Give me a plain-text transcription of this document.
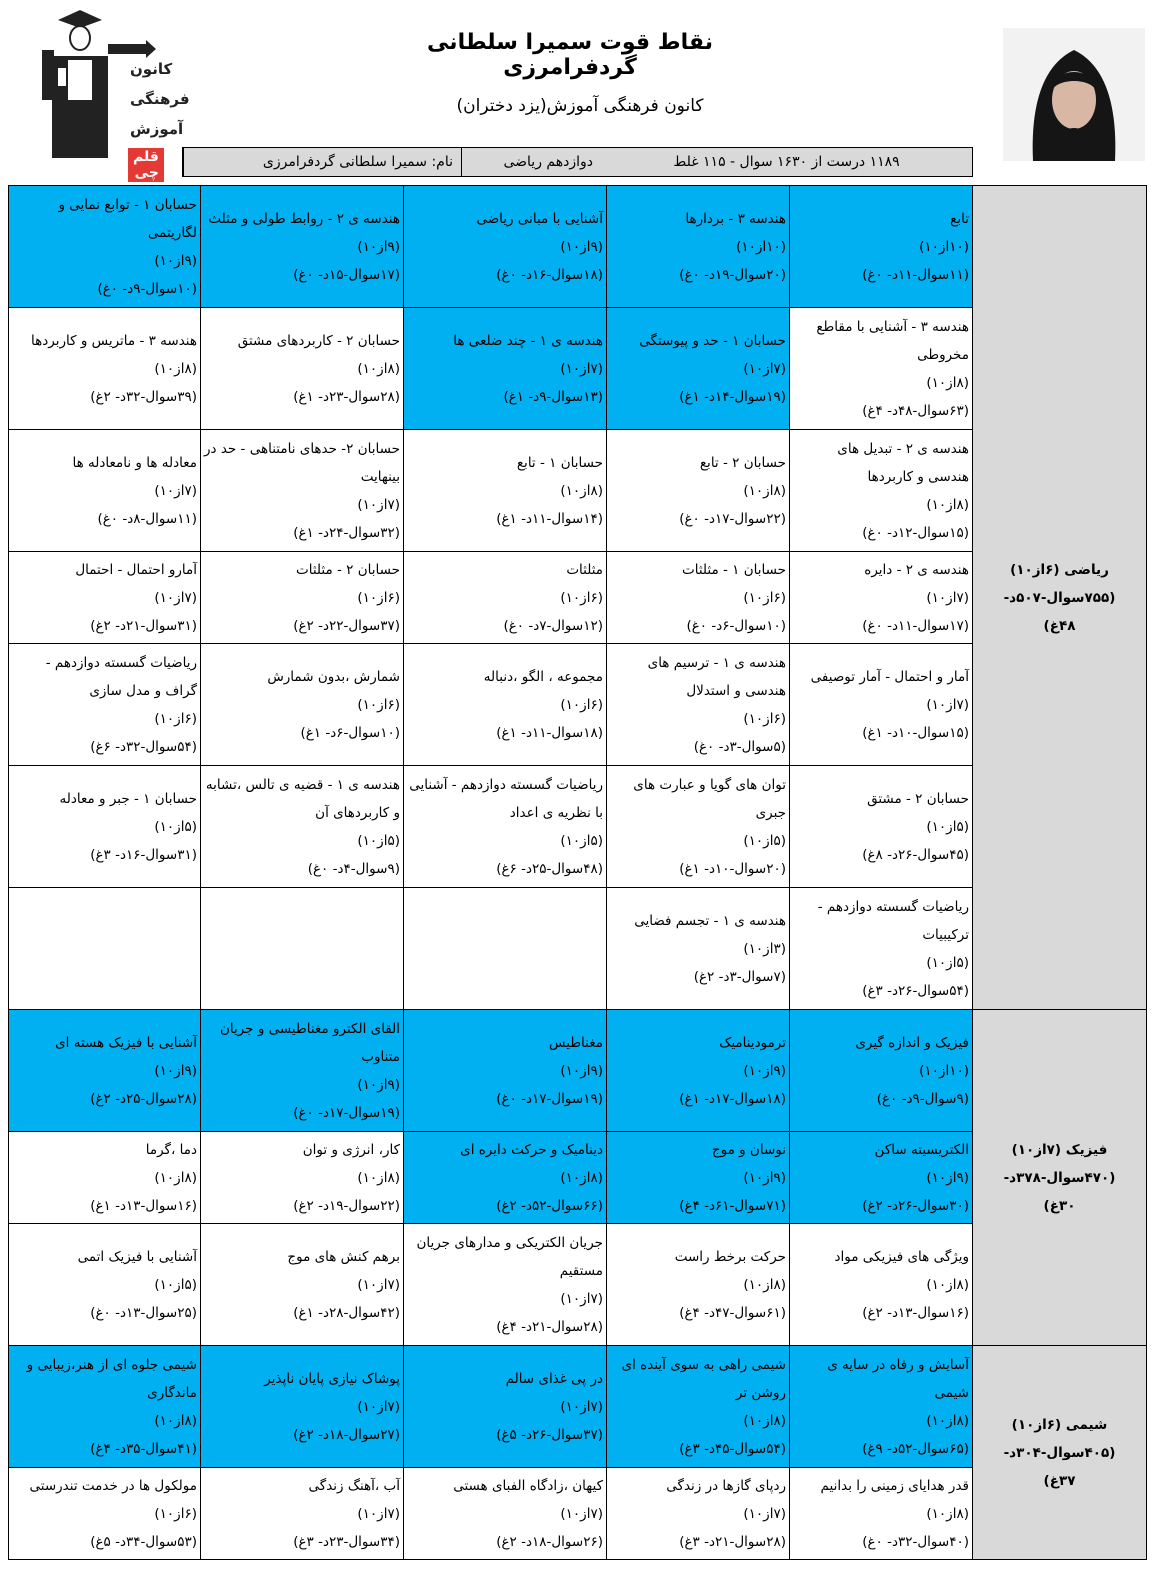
کانون
فرهنگی
آموزش
قلم چی
نقاط قوت سمیرا سلطانی گردفرامرزی
کانون فرهنگی آموزش(یزد دختران)
نام: سمیرا سلطانی گردفرامرزی	دوازدهم ریاضی	۱۱۸۹ درست از ۱۶۳۰ سوال - ۱۱۵ غلط
ریاضی (۶از۱۰)
(۷۵۵سوال-۵۰۷د-
۴۸غ)	تابع
(۱۰از۱۰)
(۱۱سوال-۱۱د- ۰غ)	هندسه ۳ - بردارها
(۱۰از۱۰)
(۲۰سوال-۱۹د- ۰غ)	آشنایی با مبانی ریاضی
(۹از۱۰)
(۱۸سوال-۱۶د- ۰غ)	هندسه ی ۲ - روابط طولی و مثلث
(۹از۱۰)
(۱۷سوال-۱۵د- ۰غ)	حسابان ۱ - توابع نمایی و لگاریتمی
(۹از۱۰)
(۱۰سوال-۹د- ۰غ)

	هندسه ۳ - آشنایی با مقاطع مخروطی
(۸از۱۰)
(۶۳سوال-۴۸د- ۴غ)	حسابان ۱ - حد و پیوستگی
(۷از۱۰)
(۱۹سوال-۱۴د- ۱غ)	هندسه ی ۱ - چند ضلعی ها
(۷از۱۰)
(۱۳سوال-۹د- ۱غ)	حسابان ۲ - کاربردهای مشتق
(۸از۱۰)
(۲۸سوال-۲۳د- ۱غ)	هندسه ۳ - ماتریس و کاربردها
(۸از۱۰)
(۳۹سوال-۳۲د- ۲غ)

	هندسه ی ۲ - تبدیل های هندسی و کاربردها
(۸از۱۰)
(۱۵سوال-۱۲د- ۰غ)	حسابان ۲ - تابع
(۸از۱۰)
(۲۲سوال-۱۷د- ۰غ)	حسابان ۱ - تابع
(۸از۱۰)
(۱۴سوال-۱۱د- ۱غ)	حسابان ۲- حدهای نامتناهی - حد در بینهایت
(۷از۱۰)
(۳۲سوال-۲۴د- ۱غ)	معادله ها و نامعادله ها
(۷از۱۰)
(۱۱سوال-۸د- ۰غ)

	هندسه ی ۲ - دایره
(۷از۱۰)
(۱۷سوال-۱۱د- ۰غ)	حسابان ۱ - مثلثات
(۶از۱۰)
(۱۰سوال-۶د- ۰غ)	مثلثات
(۶از۱۰)
(۱۲سوال-۷د- ۰غ)	حسابان ۲ - مثلثات
(۶از۱۰)
(۳۷سوال-۲۲د- ۲غ)	آمارو احتمال - احتمال
(۷از۱۰)
(۳۱سوال-۲۱د- ۲غ)

	آمار و احتمال - آمار توصیفی
(۷از۱۰)
(۱۵سوال-۱۰د- ۱غ)	هندسه ی ۱ - ترسیم های هندسی و استدلال
(۶از۱۰)
(۵سوال-۳د- ۰غ)	مجموعه ، الگو ،دنباله
(۶از۱۰)
(۱۸سوال-۱۱د- ۱غ)	شمارش ،بدون شمارش
(۶از۱۰)
(۱۰سوال-۶د- ۱غ)	ریاضیات گسسته دوازدهم - گراف و مدل سازی
(۶از۱۰)
(۵۴سوال-۳۲د- ۶غ)

	حسابان ۲ - مشتق
(۵از۱۰)
(۴۵سوال-۲۶د- ۸غ)	توان های گویا و عبارت های جبری
(۵از۱۰)
(۲۰سوال-۱۰د- ۱غ)	ریاضیات گسسته دوازدهم - آشنایی با نظریه ی اعداد
(۵از۱۰)
(۴۸سوال-۲۵د- ۶غ)	هندسه ی ۱ - قضیه ی تالس ،تشابه و کاربردهای آن
(۵از۱۰)
(۹سوال-۴د- ۰غ)	حسابان ۱ - جبر و معادله
(۵از۱۰)
(۳۱سوال-۱۶د- ۳غ)

	ریاضیات گسسته دوازدهم - ترکیبیات
(۵از۱۰)
(۵۴سوال-۲۶د- ۳غ)	هندسه ی ۱ - تجسم فضایی
(۳از۱۰)
(۷سوال-۳د- ۲غ)			

فیزیک (۷از۱۰)
(۴۷۰سوال-۳۷۸د-
۳۰غ)	فیزیک و اندازه گیری
(۱۰از۱۰)
(۹سوال-۹د- ۰غ)	ترمودینامیک
(۹از۱۰)
(۱۸سوال-۱۷د- ۱غ)	مغناطیس
(۹از۱۰)
(۱۹سوال-۱۷د- ۰غ)	القای الکترو مغناطیسی و جریان متناوب
(۹از۱۰)
(۱۹سوال-۱۷د- ۰غ)	آشنایی با فیزیک هسته ای
(۹از۱۰)
(۲۸سوال-۲۵د- ۲غ)

	الکتریسیته ساکن
(۹از۱۰)
(۳۰سوال-۲۶د- ۲غ)	نوسان و موج
(۹از۱۰)
(۷۱سوال-۶۱د- ۴غ)	دینامیک و حرکت دایره ای
(۸از۱۰)
(۶۶سوال-۵۲د- ۲غ)	کار، انرژی و توان
(۸از۱۰)
(۲۲سوال-۱۹د- ۲غ)	دما ،گرما
(۸از۱۰)
(۱۶سوال-۱۳د- ۱غ)

	ویژگی های فیزیکی مواد
(۸از۱۰)
(۱۶سوال-۱۳د- ۲غ)	حرکت برخط راست
(۸از۱۰)
(۶۱سوال-۴۷د- ۴غ)	جریان الکتریکی و مدارهای جریان مستقیم
(۷از۱۰)
(۲۸سوال-۲۱د- ۴غ)	برهم کنش های موج
(۷از۱۰)
(۴۲سوال-۲۸د- ۱غ)	آشنایی با فیزیک اتمی
(۵از۱۰)
(۲۵سوال-۱۳د- ۰غ)

شیمی (۶از۱۰)
(۴۰۵سوال-۳۰۴د-
۳۷غ)	آسایش و رفاه در سایه ی شیمی
(۸از۱۰)
(۶۵سوال-۵۲د- ۹غ)	شیمی راهی به سوی آینده ای روشن تر
(۸از۱۰)
(۵۴سوال-۴۵د- ۳غ)	در پی غذای سالم
(۷از۱۰)
(۳۷سوال-۲۶د- ۵غ)	پوشاک نیازی پایان ناپذیر
(۷از۱۰)
(۲۷سوال-۱۸د- ۲غ)	شیمی جلوه ای از هنر،زیبایی و ماندگاری
(۸از۱۰)
(۴۱سوال-۳۵د- ۴غ)

	قدر هدایای زمینی را بدانیم
(۸از۱۰)
(۴۰سوال-۳۲د- ۰غ)	ردپای گازها در زندگی
(۷از۱۰)
(۲۸سوال-۲۱د- ۳غ)	کیهان ،زادگاه الفبای هستی
(۷از۱۰)
(۲۶سوال-۱۸د- ۲غ)	آب ،آهنگ زندگی
(۷از۱۰)
(۳۴سوال-۲۳د- ۳غ)	مولکول ها در خدمت تندرستی
(۶از۱۰)
(۵۳سوال-۳۴د- ۵غ)
